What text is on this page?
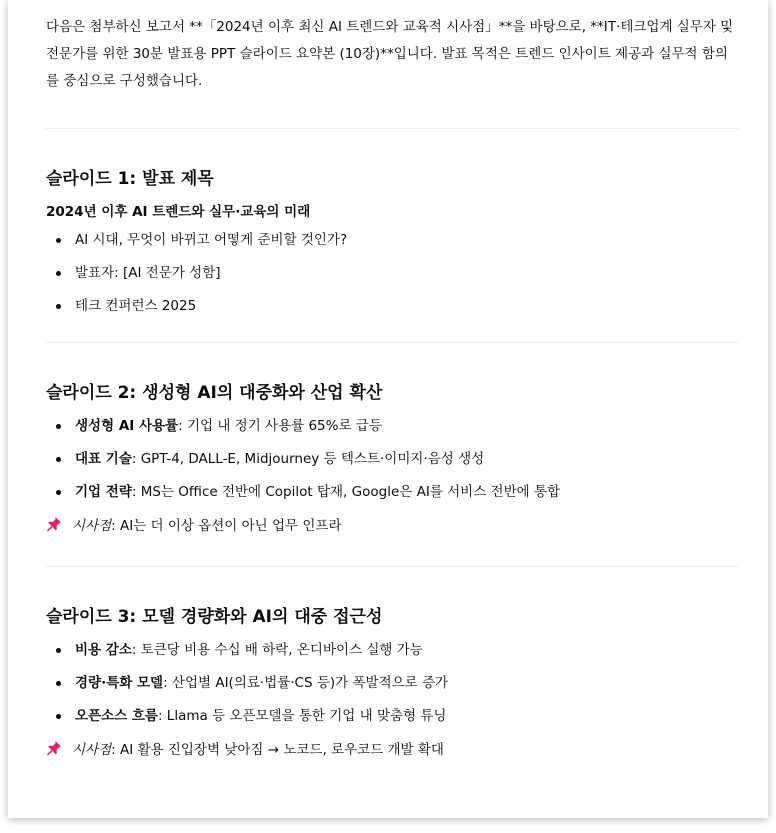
다음은 첨부하신 보고서 **「2024년 이후 최신 AI 트렌드와 교육적 시사점」**을 바탕으로, **IT·테크업계 실무자 및 전문가를 위한 30분 발표용 PPT 슬라이드 요약본 (10장)**입니다. 발표 목적은 트렌드 인사이트 제공과 실무적 함의를 중심으로 구성했습니다.

슬라이드 1: 발표 제목

2024년 이후 AI 트렌드와 실무·교육의 미래

AI 시대, 무엇이 바뀌고 어떻게 준비할 것인가?
발표자: [AI 전문가 성함]
테크 컨퍼런스 2025
슬라이드 2: 생성형 AI의 대중화와 산업 확산
생성형 AI 사용률: 기업 내 정기 사용률 65%로 급등
대표 기술: GPT-4, DALL-E, Midjourney 등 텍스트·이미지·음성 생성
기업 전략: MS는 Office 전반에 Copilot 탑재, Google은 AI를 서비스 전반에 통합

시사점: AI는 더 이상 옵션이 아닌 업무 인프라

슬라이드 3: 모델 경량화와 AI의 대중 접근성
비용 감소: 토큰당 비용 수십 배 하락, 온디바이스 실행 가능
경량·특화 모델: 산업별 AI(의료·법률·CS 등)가 폭발적으로 증가
오픈소스 흐름: Llama 등 오픈모델을 통한 기업 내 맞춤형 튜닝

시사점: AI 활용 진입장벽 낮아짐 → 노코드, 로우코드 개발 확대
